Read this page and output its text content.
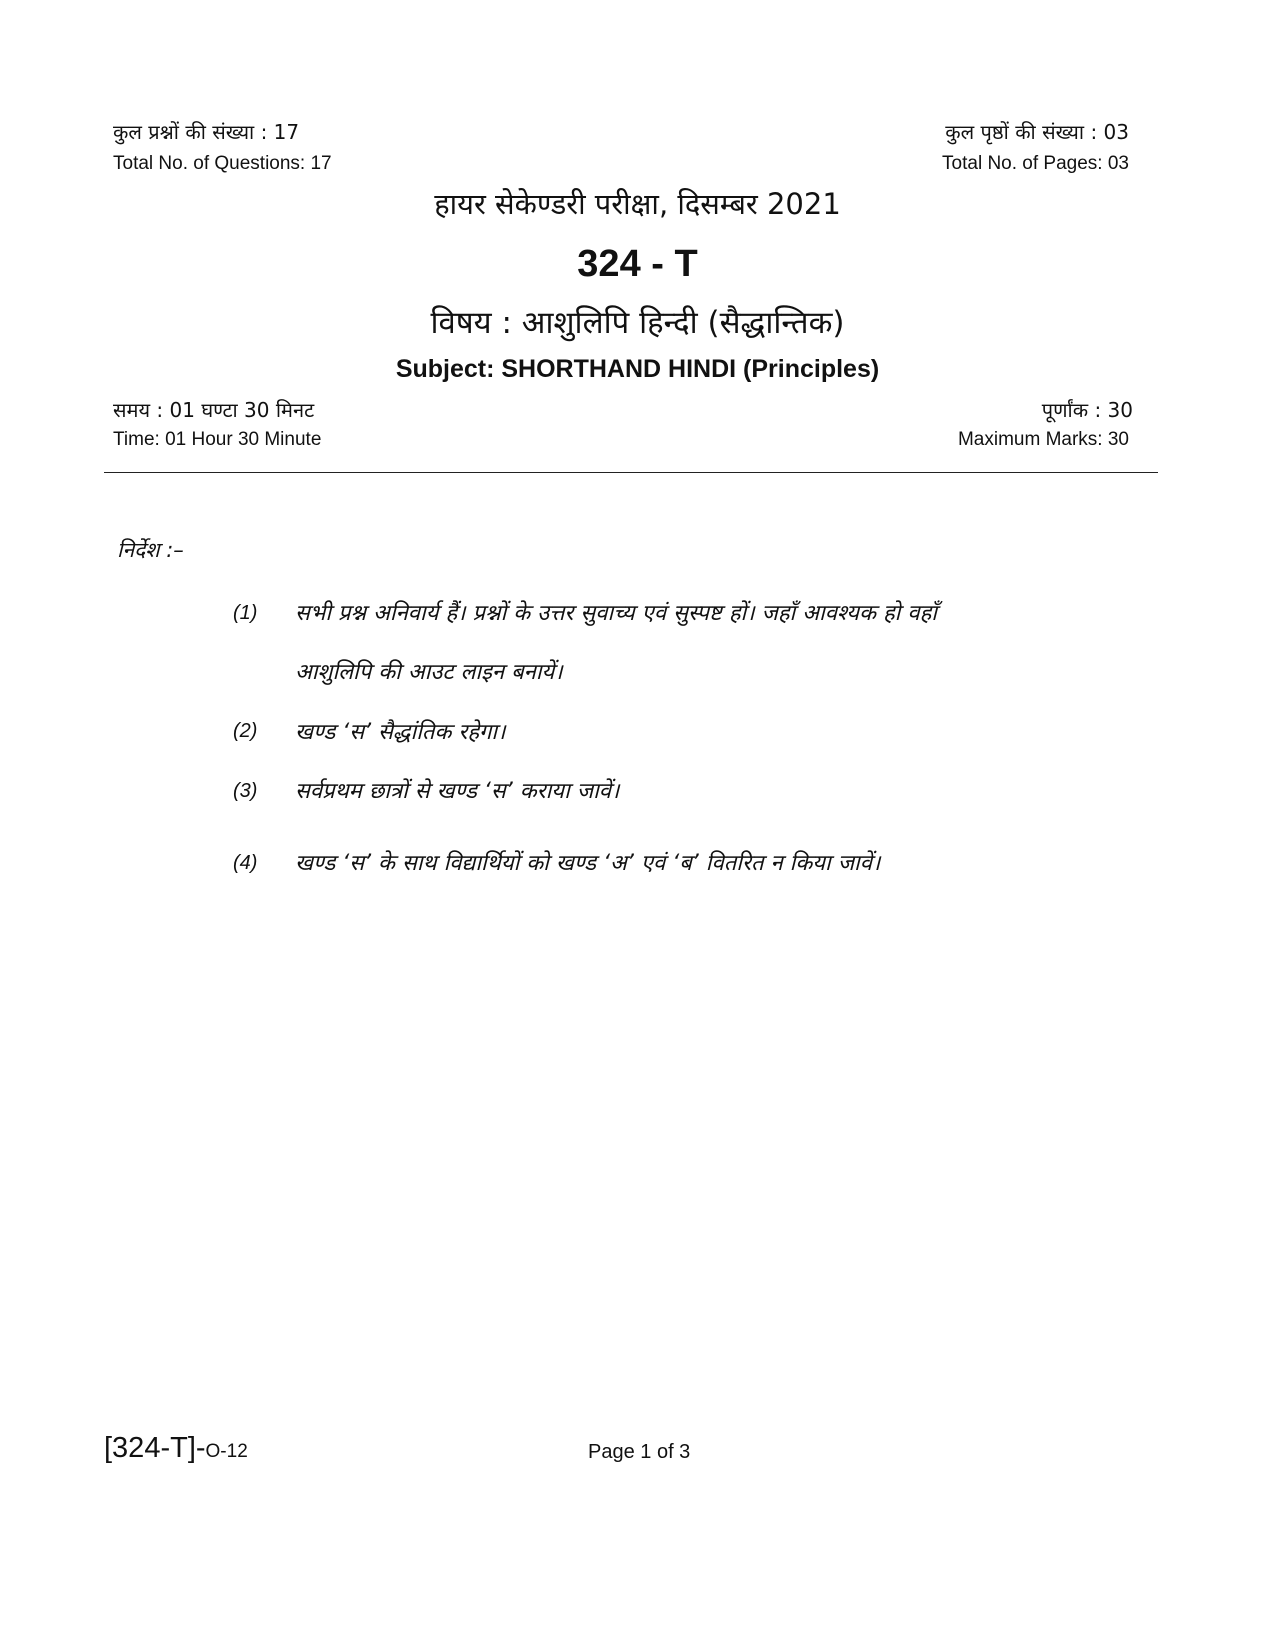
कुल प्रश्नों की संख्या : 17
Total No. of Questions: 17
कुल पृष्ठों की संख्या : 03
Total No. of Pages: 03
हायर सेकेण्डरी परीक्षा, दिसम्बर 2021
324 - T
विषय : आशुलिपि हिन्दी (सैद्धान्तिक)
Subject: SHORTHAND HINDI (Principles)
समय : 01 घण्टा 30 मिनट
Time: 01 Hour 30 Minute
पूर्णांक : 30
Maximum Marks: 30
निर्देश :–
(1) सभी प्रश्न अनिवार्य हैं। प्रश्नों के उत्तर सुवाच्य एवं सुस्पष्ट हों। जहाँ आवश्यक हो वहाँ
आशुलिपि की आउट लाइन बनायें।
(2) खण्ड ‘स’ सैद्धांतिक रहेगा।
(3) सर्वप्रथम छात्रों से खण्ड ‘स’ कराया जावें।
(4) खण्ड ‘स’ के साथ विद्यार्थियों को खण्ड ‘अ’ एवं ‘ब’ वितरित न किया जावें।
[324-T]-O-12	Page 1 of 3
